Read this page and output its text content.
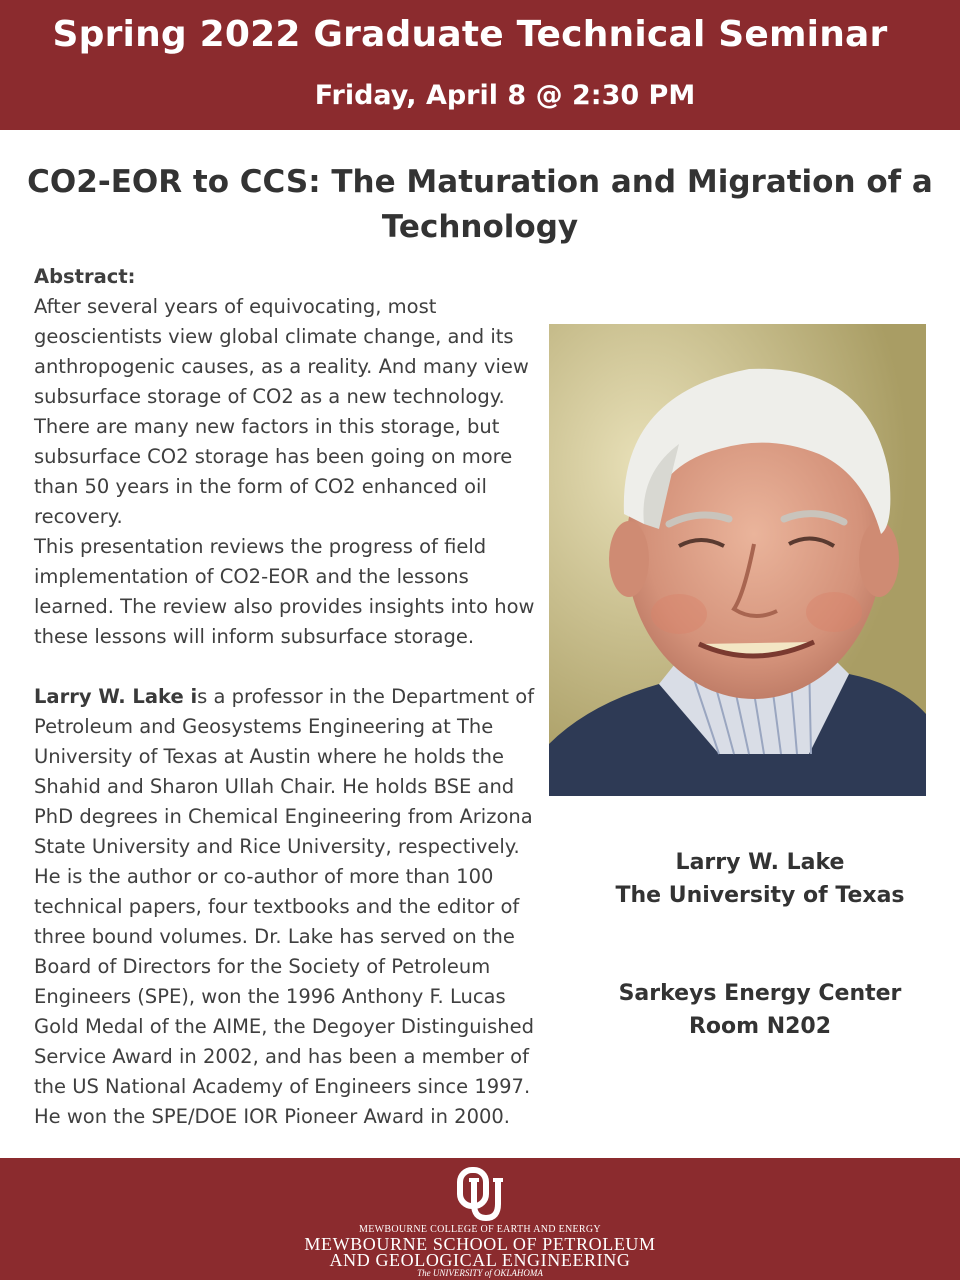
Spring 2022 Graduate Technical Seminar
Friday, April 8 @ 2:30 PM
CO2-EOR to CCS: The Maturation and Migration of a
Technology

Abstract:

After several years of equivocating, most geoscientists view global climate change, and its anthropogenic causes, as a reality. And many view subsurface storage of CO2 as a new technology. There are many new factors in this storage, but subsurface CO2 storage has been going on more than 50 years in the form of CO2 enhanced oil recovery.

This presentation reviews the progress of field implementation of CO2-EOR and the lessons learned. The review also provides insights into how these lessons will inform subsurface storage.

Larry W. Lake is a professor in the Department of Petroleum and Geosystems Engineering at The University of Texas at Austin where he holds the Shahid and Sharon Ullah Chair. He holds BSE and PhD degrees in Chemical Engineering from Arizona State University and Rice University, respectively. He is the author or co-author of more than 100 technical papers, four textbooks and the editor of three bound volumes. Dr. Lake has served on the Board of Directors for the Society of Petroleum Engineers (SPE), won the 1996 Anthony F. Lucas Gold Medal of the AIME, the Degoyer Distinguished Service Award in 2002, and has been a member of the US National Academy of Engineers since 1997. He won the SPE/DOE IOR Pioneer Award in 2000.

Larry W. Lake
The University of Texas
Sarkeys Energy Center
Room N202
MEWBOURNE COLLEGE OF EARTH AND ENERGY
MEWBOURNE SCHOOL OF PETROLEUM
AND GEOLOGICAL ENGINEERING
The UNIVERSITY of OKLAHOMA
